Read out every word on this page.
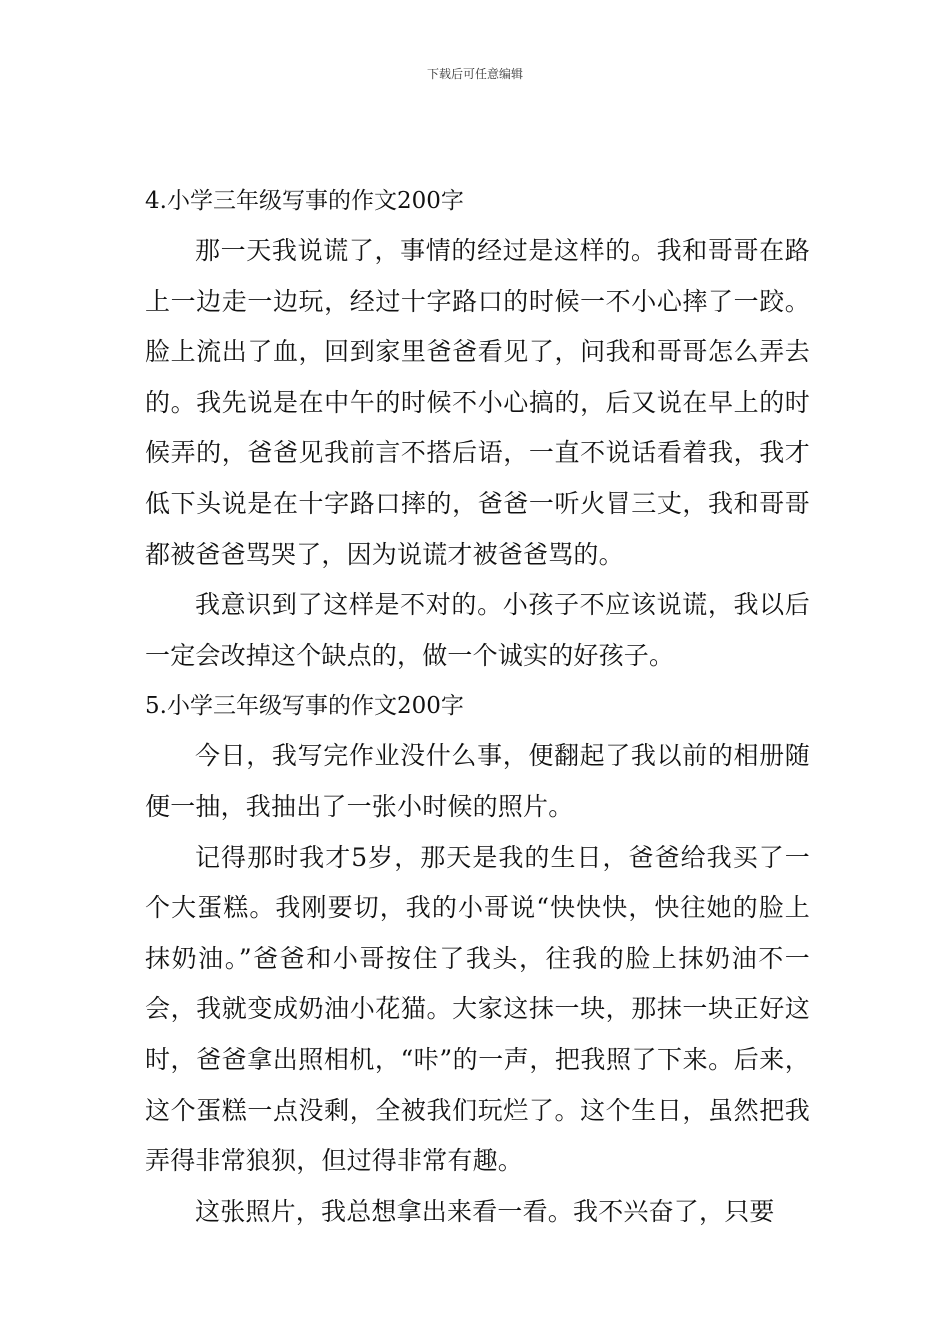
下载后可任意编辑
4.小学三年级写事的作文200字

那一天我说谎了，事情的经过是这样的。我和哥哥在路上一边走一边玩，经过十字路口的时候一不小心摔了一跤。脸上流出了血，回到家里爸爸看见了，问我和哥哥怎么弄去的。我先说是在中午的时候不小心搞的，后又说在早上的时候弄的，爸爸见我前言不搭后语，一直不说话看着我，我才低下头说是在十字路口摔的，爸爸一听火冒三丈，我和哥哥都被爸爸骂哭了，因为说谎才被爸爸骂的。

我意识到了这样是不对的。小孩子不应该说谎，我以后一定会改掉这个缺点的，做一个诚实的好孩子。

5.小学三年级写事的作文200字

今日，我写完作业没什么事，便翻起了我以前的相册随便一抽，我抽出了一张小时候的照片。

记得那时我才5岁，那天是我的生日，爸爸给我买了一个大蛋糕。我刚要切，我的小哥说“快快快，快往她的脸上抹奶油。”爸爸和小哥按住了我头，往我的脸上抹奶油不一会，我就变成奶油小花猫。大家这抹一块，那抹一块正好这时，爸爸拿出照相机，“咔”的一声，把我照了下来。后来，这个蛋糕一点没剩，全被我们玩烂了。这个生日，虽然把我弄得非常狼狈，但过得非常有趣。

这张照片，我总想拿出来看一看。我不兴奋了，只要
